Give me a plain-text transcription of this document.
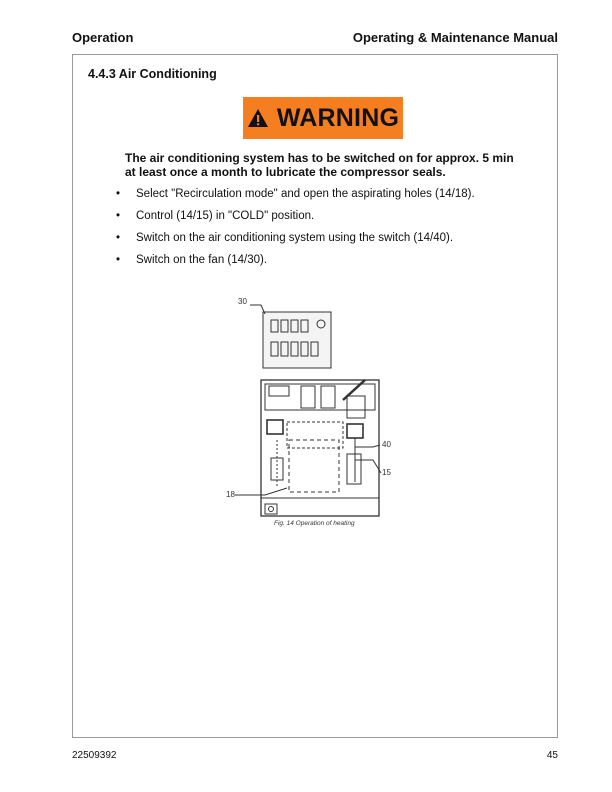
Operation	Operating & Maintenance Manual
4.4.3 Air Conditioning
WARNING
The air conditioning system has to be switched on for approx. 5 min at least once a month to lubricate the compressor seals.
• Select "Recirculation mode" and open the aspirating holes (14/18).
• Control (14/15) in "COLD" position.
• Switch on the air conditioning system using the switch (14/40).
• Switch on the fan (14/30).
30
40
15
18
Fig. 14 Operation of heating
22509392	45
